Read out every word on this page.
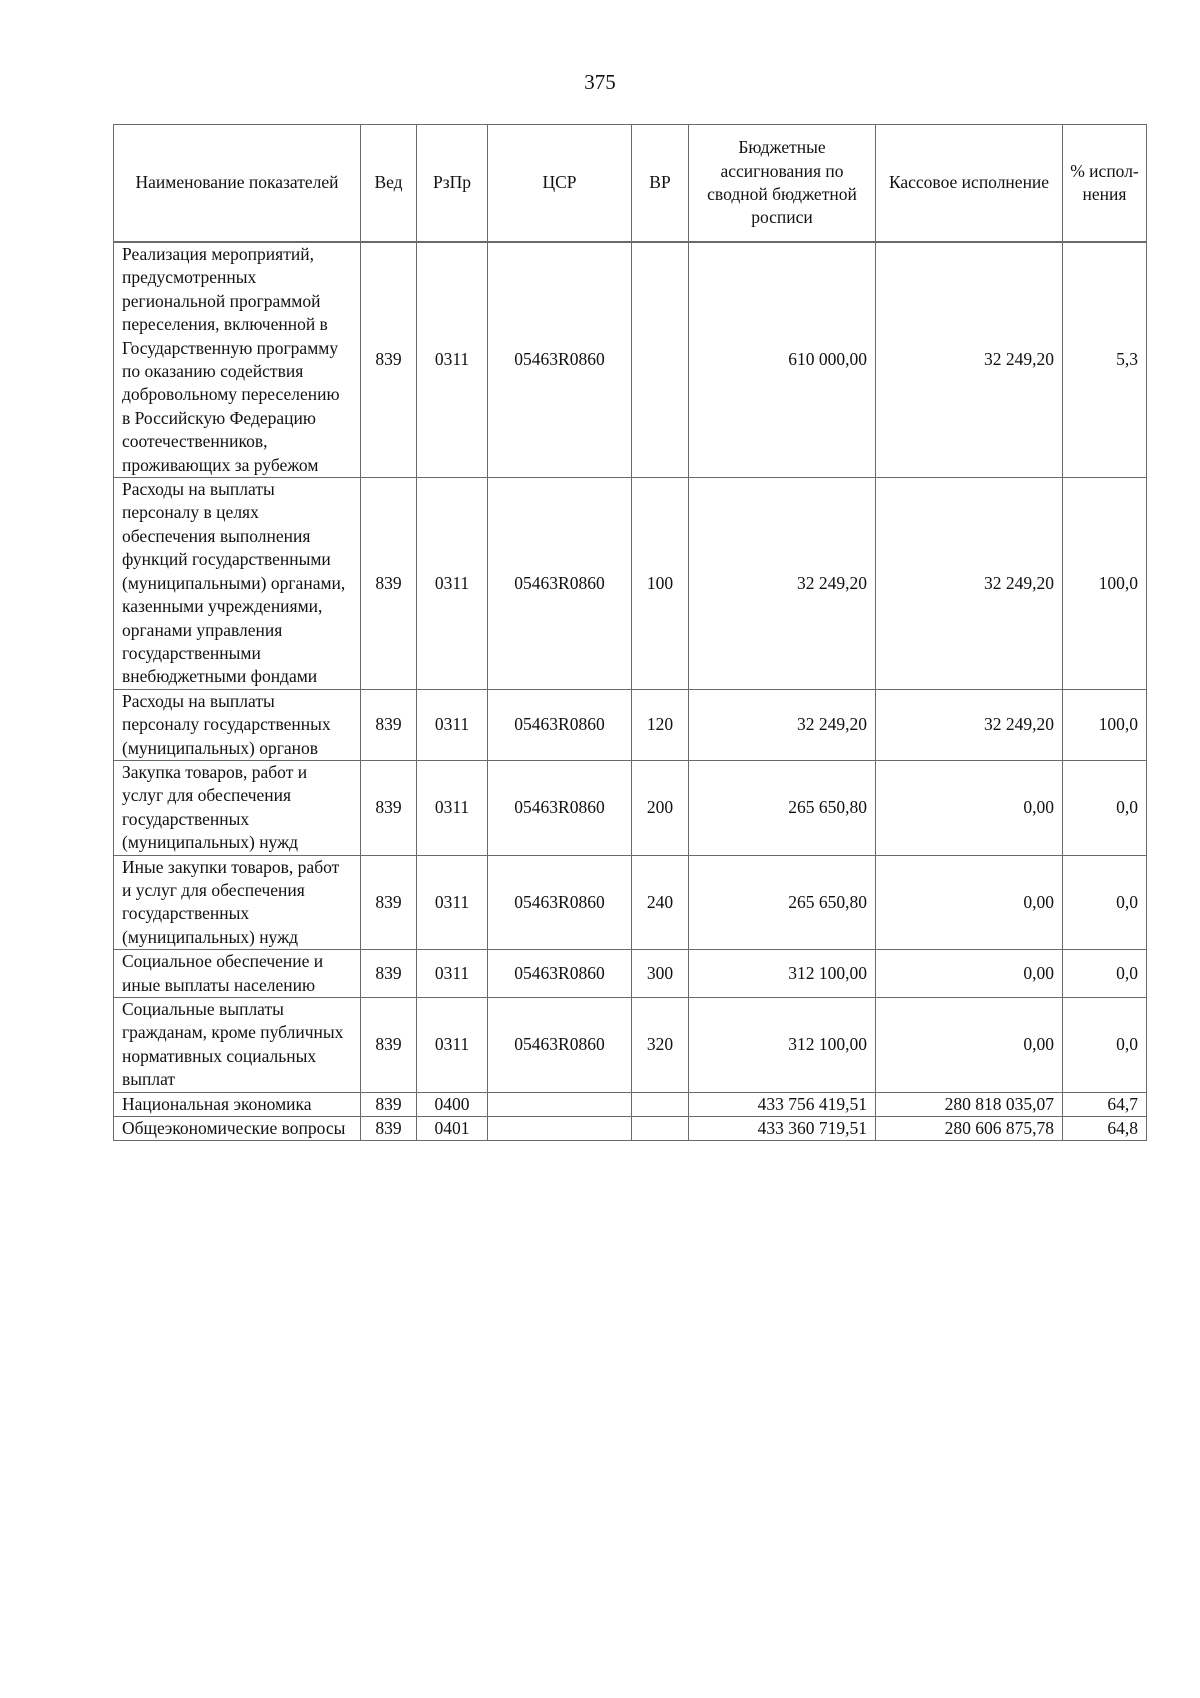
375
Наименование показателей	Вед	РзПр	ЦСР	ВР	Бюджетные ассигнования по сводной бюджетной росписи	Кассовое исполнение	% испол-нения
Реализация мероприятий, предусмотренных региональной программой переселения, включенной в Государственную программу по оказанию содействия добровольному переселению в Российскую Федерацию соотечественников, проживающих за рубежом	839	0311	05463R0860		610 000,00	32 249,20	5,3
Расходы на выплаты персоналу в целях обеспечения выполнения функций государственными (муниципальными) органами, казенными учреждениями, органами управления государственными внебюджетными фондами	839	0311	05463R0860	100	32 249,20	32 249,20	100,0
Расходы на выплаты персоналу государственных (муниципальных) органов	839	0311	05463R0860	120	32 249,20	32 249,20	100,0
Закупка товаров, работ и услуг для обеспечения государственных (муниципальных) нужд	839	0311	05463R0860	200	265 650,80	0,00	0,0
Иные закупки товаров, работ и услуг для обеспечения государственных (муниципальных) нужд	839	0311	05463R0860	240	265 650,80	0,00	0,0
Социальное обеспечение и иные выплаты населению	839	0311	05463R0860	300	312 100,00	0,00	0,0
Социальные выплаты гражданам, кроме публичных нормативных социальных выплат	839	0311	05463R0860	320	312 100,00	0,00	0,0
Национальная экономика	839	0400			433 756 419,51	280 818 035,07	64,7
Общеэкономические вопросы	839	0401			433 360 719,51	280 606 875,78	64,8
